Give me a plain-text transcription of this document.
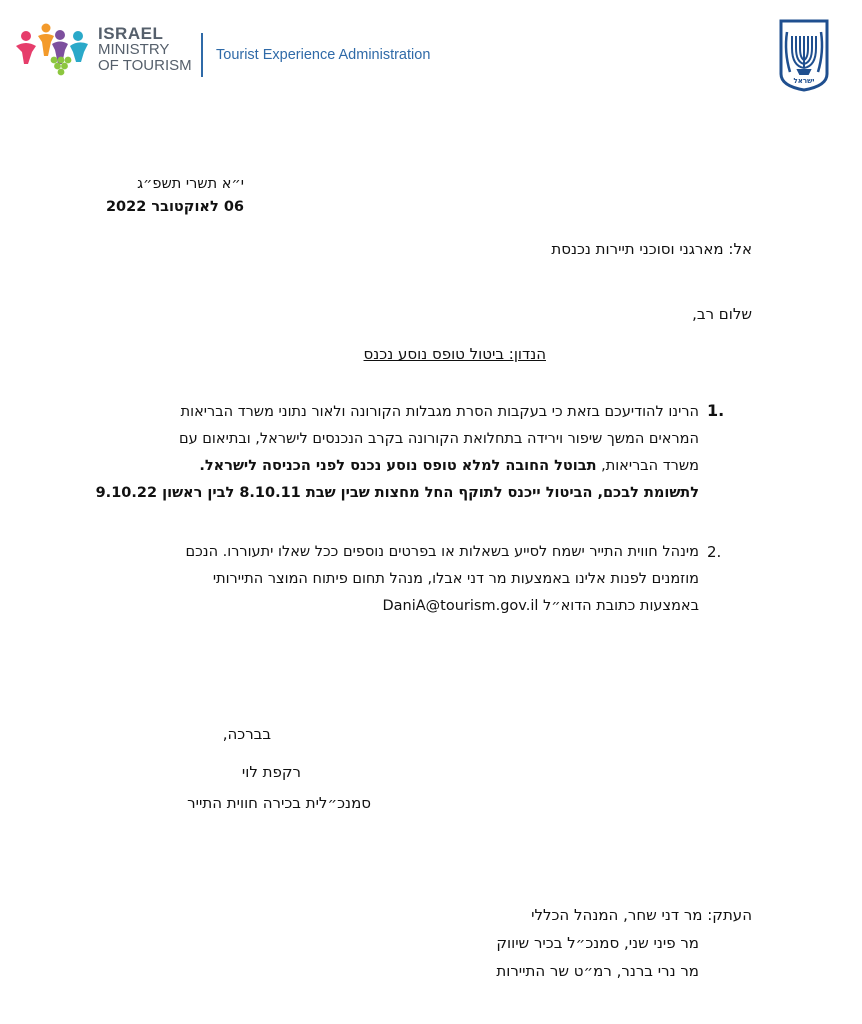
ISRAEL
MINISTRY
OF TOURISM
Tourist Experience Administration
ישראל
י״א תשרי תשפ״ג
06 לאוקטובר 2022
אל: מארגני וסוכני תיירות נכנסת
שלום רב,
הנדון: ביטול טופס נוסע נכנס
1.
הרינו להודיעכם בזאת כי בעקבות הסרת מגבלות הקורונה ולאור נתוני משרד הבריאות
המראים המשך שיפור וירידה בתחלואת הקורונה בקרב הנכנסים לישראל, ובתיאום עם
משרד הבריאות, תבוטל החובה למלא טופס נוסע נכנס לפני הכניסה לישראל.
לתשומת לבכם, הביטול ייכנס לתוקף החל מחצות שבין שבת 8.10.11 לבין ראשון 9.10.22
2.
מינהל חווית התייר ישמח לסייע בשאלות או בפרטים נוספים ככל שאלו יתעוררו. הנכם
מוזמנים לפנות אלינו באמצעות מר דני אבלו, מנהל תחום פיתוח המוצר התיירותי
באמצעות כתובת הדוא״ל DaniA@tourism.gov.il
בברכה,
רקפת לוי
סמנכ״לית בכירה חווית התייר
העתק: מר דני שחר, המנהל הכללי
מר פיני שני, סמנכ״ל בכיר שיווק
מר נרי ברנר, רמ״ט שר התיירות
